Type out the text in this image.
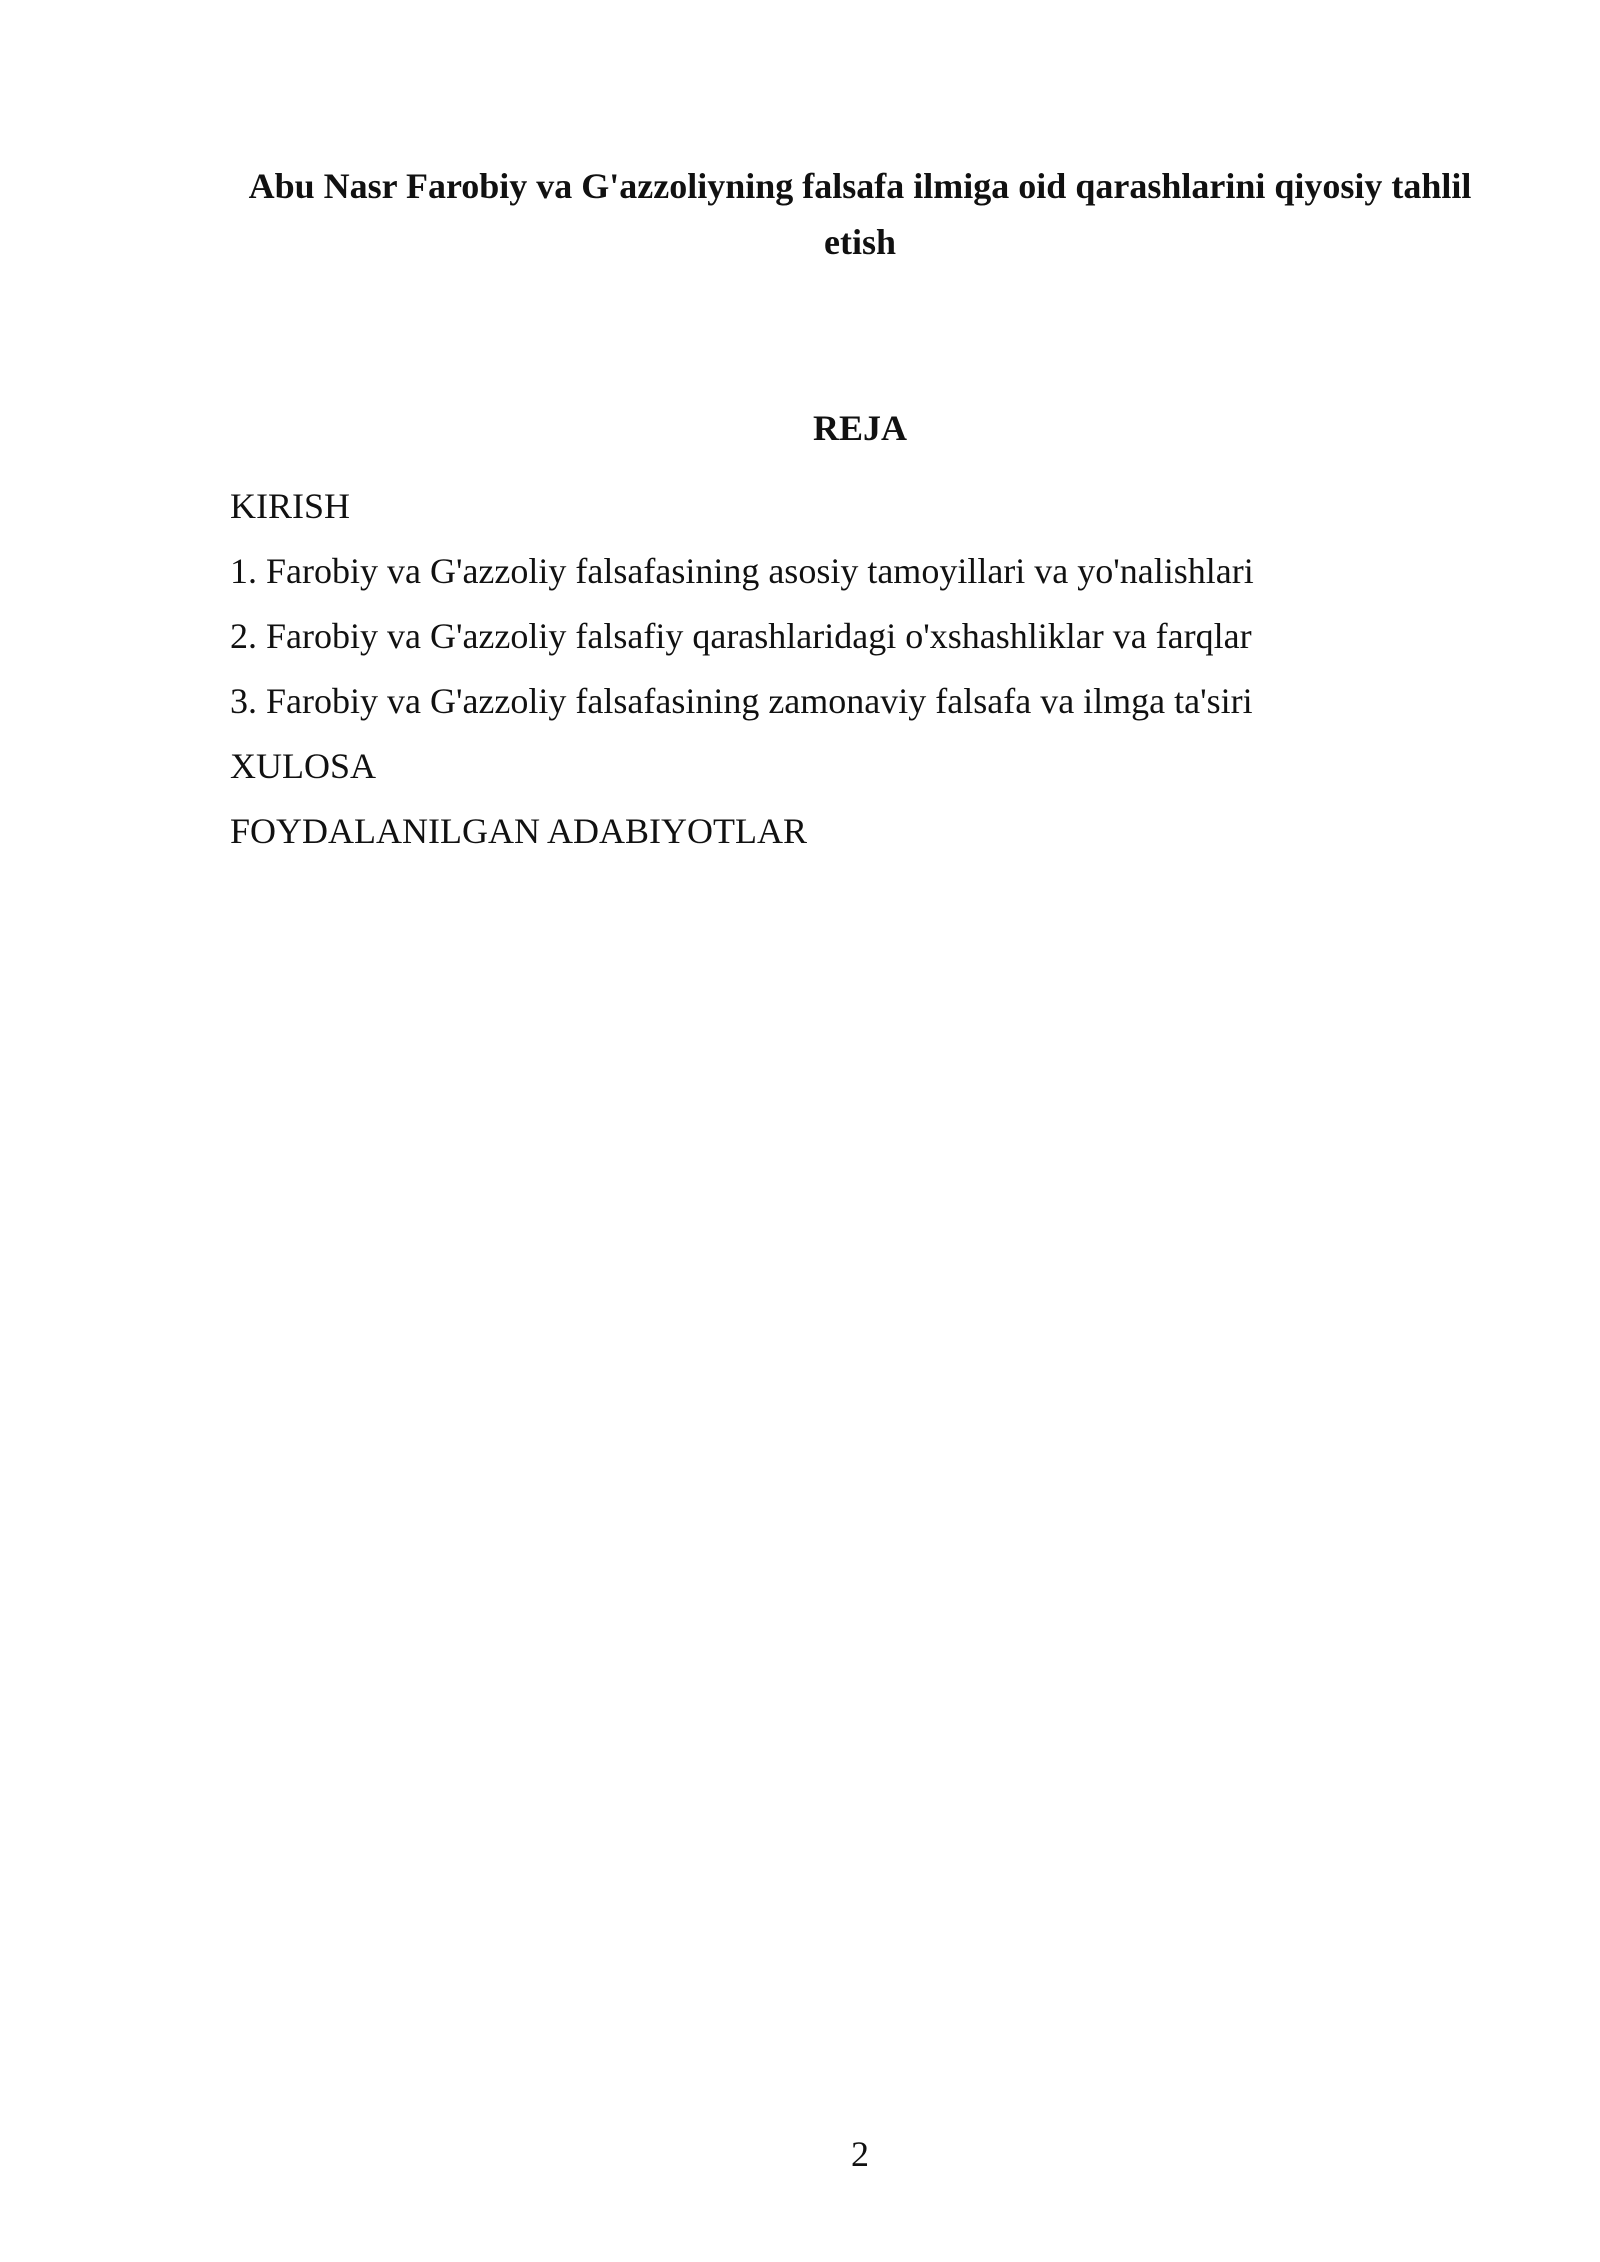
Abu Nasr Farobiy va G'azzoliyning falsafa ilmiga oid qarashlarini qiyosiy tahlil etish
REJA
KIRISH
1. Farobiy va G'azzoliy falsafasining asosiy tamoyillari va yo'nalishlari
2. Farobiy va G'azzoliy falsafiy qarashlaridagi o'xshashliklar va farqlar
3. Farobiy va G'azzoliy falsafasining zamonaviy falsafa va ilmga ta'siri
XULOSA
FOYDALANILGAN ADABIYOTLAR
2
